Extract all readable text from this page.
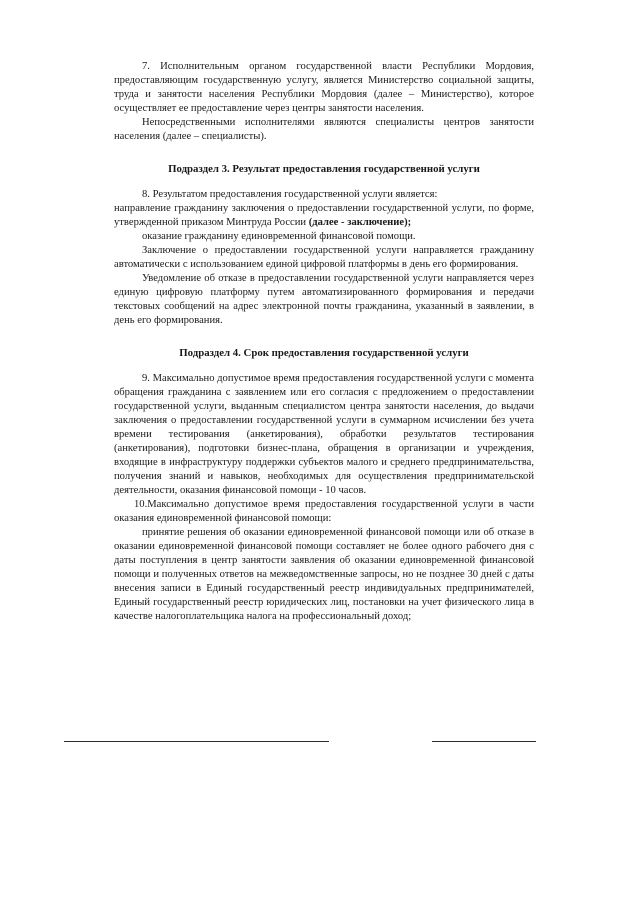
7. Исполнительным органом государственной власти Республики Мордовия, предоставляющим государственную услугу, является Министерство социальной защиты, труда и занятости населения Республики Мордовия (далее – Министерство), которое осуществляет ее предоставление через центры занятости населения.

Непосредственными исполнителями являются специалисты центров занятости населения (далее – специалисты).

Подраздел 3. Результат предоставления государственной услуги

8. Результатом предоставления государственной услуги является:

направление гражданину заключения о предоставлении государственной услуги, по форме, утвержденной приказом Минтруда России (далее - заключение);

оказание гражданину единовременной финансовой помощи.

Заключение о предоставлении государственной услуги направляется гражданину автоматически с использованием единой цифровой платформы в день его формирования.

Уведомление об отказе в предоставлении государственной услуги направляется через единую цифровую платформу путем автоматизированного формирования и передачи текстовых сообщений на адрес электронной почты гражданина, указанный в заявлении, в день его формирования.

Подраздел 4. Срок предоставления государственной услуги

9. Максимально допустимое время предоставления государственной услуги с момента обращения гражданина с заявлением или его согласия с предложением о предоставлении государственной услуги, выданным специалистом центра занятости населения, до выдачи заключения о предоставлении государственной услуги в суммарном исчислении без учета времени тестирования (анкетирования), обработки результатов тестирования (анкетирования), подготовки бизнес-плана, обращения в организации и учреждения, входящие в инфраструктуру поддержки субъектов малого и среднего предпринимательства, получения знаний и навыков, необходимых для осуществления предпринимательской деятельности, оказания финансовой помощи - 10 часов.

10.Максимально допустимое время предоставления государственной услуги в части оказания единовременной финансовой помощи:

принятие решения об оказании единовременной финансовой помощи или об отказе в оказании единовременной финансовой помощи составляет не более одного рабочего дня с даты поступления в центр занятости заявления об оказании единовременной финансовой помощи и полученных ответов на межведомственные запросы, но не позднее 30 дней с даты внесения записи в Единый государственный реестр индивидуальных предпринимателей, Единый государственный реестр юридических лиц, постановки на учет физического лица в качестве налогоплательщика налога на профессиональный доход;
